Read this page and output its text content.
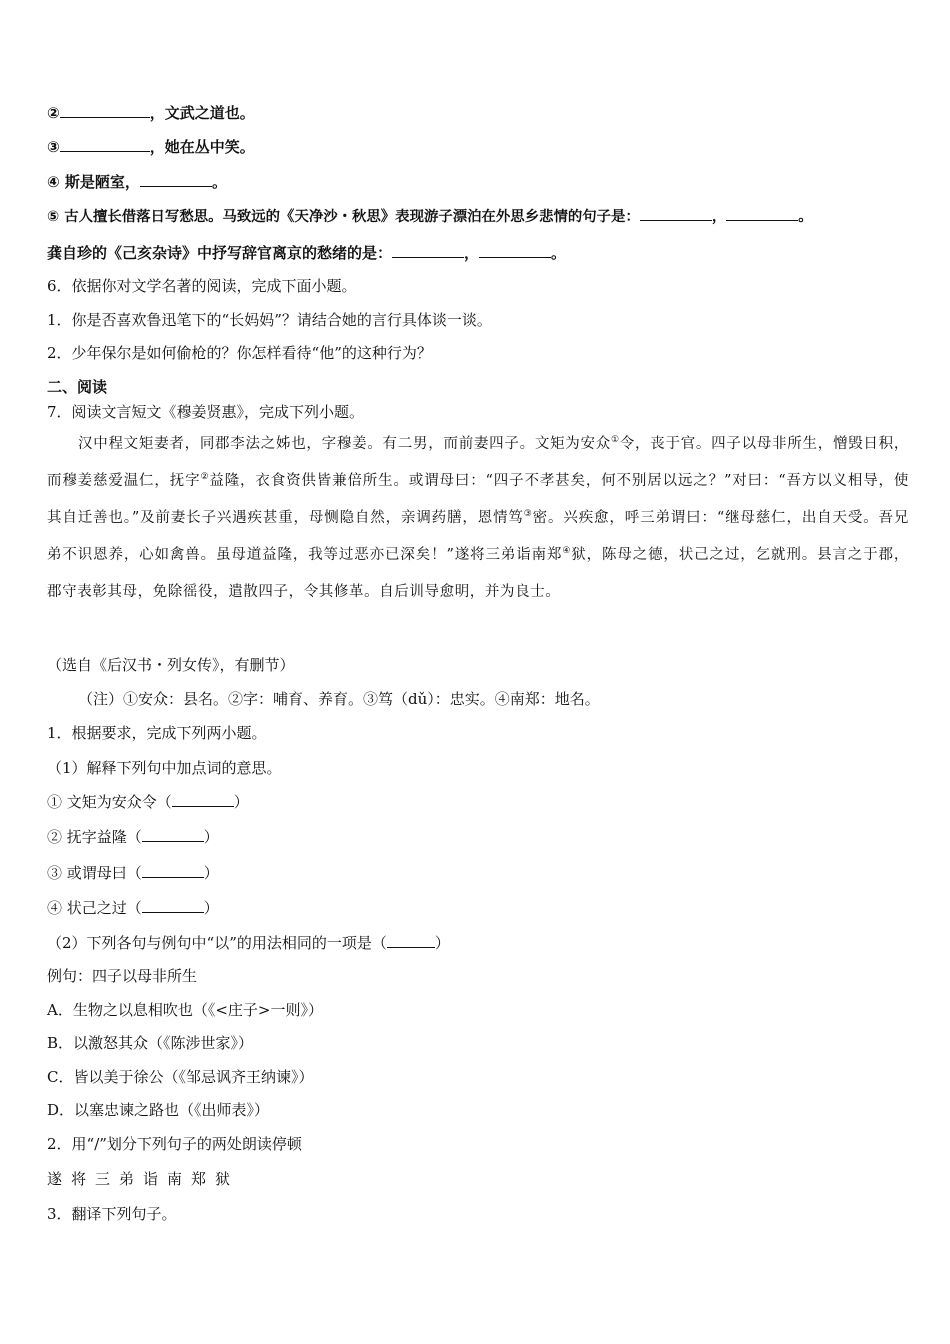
②	，文武之道也。
③	，她在丛中笑。
④ 斯是陋室，	。
⑤ 古人擅长借落日写愁思。马致远的《天净沙・秋思》表现游子漂泊在外思乡悲情的句子是：	，	。
龚自珍的《己亥杂诗》中抒写辞官离京的愁绪的是：	，	。
6．依据你对文学名著的阅读，完成下面小题。
1．你是否喜欢鲁迅笔下的“长妈妈”？请结合她的言行具体谈一谈。
2．少年保尔是如何偷枪的？你怎样看待“他”的这种行为？
二、阅读
7．阅读文言短文《穆姜贤惠》，完成下列小题。
汉中程文矩妻者，同郡李法之姊也，字穆姜。有二男，而前妻四子。文矩为安众①令，丧于官。四子以母非所生，憎毁日积，而穆姜慈爱温仁，抚字②益隆，衣食资供皆兼倍所生。或谓母曰：“四子不孝甚矣，何不别居以远之？”对曰：“吾方以义相导，使其自迁善也。”及前妻长子兴遇疾甚重，母恻隐自然，亲调药膳，恩情笃③密。兴疾愈，呼三弟谓曰：“继母慈仁，出自天受。吾兄弟不识恩养，心如禽兽。虽母道益隆，我等过恶亦已深矣！”遂将三弟诣南郑④狱，陈母之德，状己之过，乞就刑。县言之于郡，郡守表彰其母，免除徭役，遣散四子，令其修革。自后训导愈明，并为良士。
（选自《后汉书・列女传》，有删节）
（注）①安众：县名。②字：哺育、养育。③笃（dǔ）：忠实。④南郑：地名。
1．根据要求，完成下列两小题。
（1）解释下列句中加点词的意思。
① 文矩为安众令（	）
② 抚字益隆（	）
③ 或谓母曰（	）
④ 状己之过（	）
（2）下列各句与例句中“以”的用法相同的一项是（	）
例句：四子以母非所生
A．生物之以息相吹也（《<庄子>一则》）
B．以激怒其众（《陈涉世家》）
C．皆以美于徐公（《邹忌讽齐王纳谏》）
D．以塞忠谏之路也（《出师表》）
2．用“/”划分下列句子的两处朗读停顿
遂将三弟诣南郑狱
3．翻译下列句子。
